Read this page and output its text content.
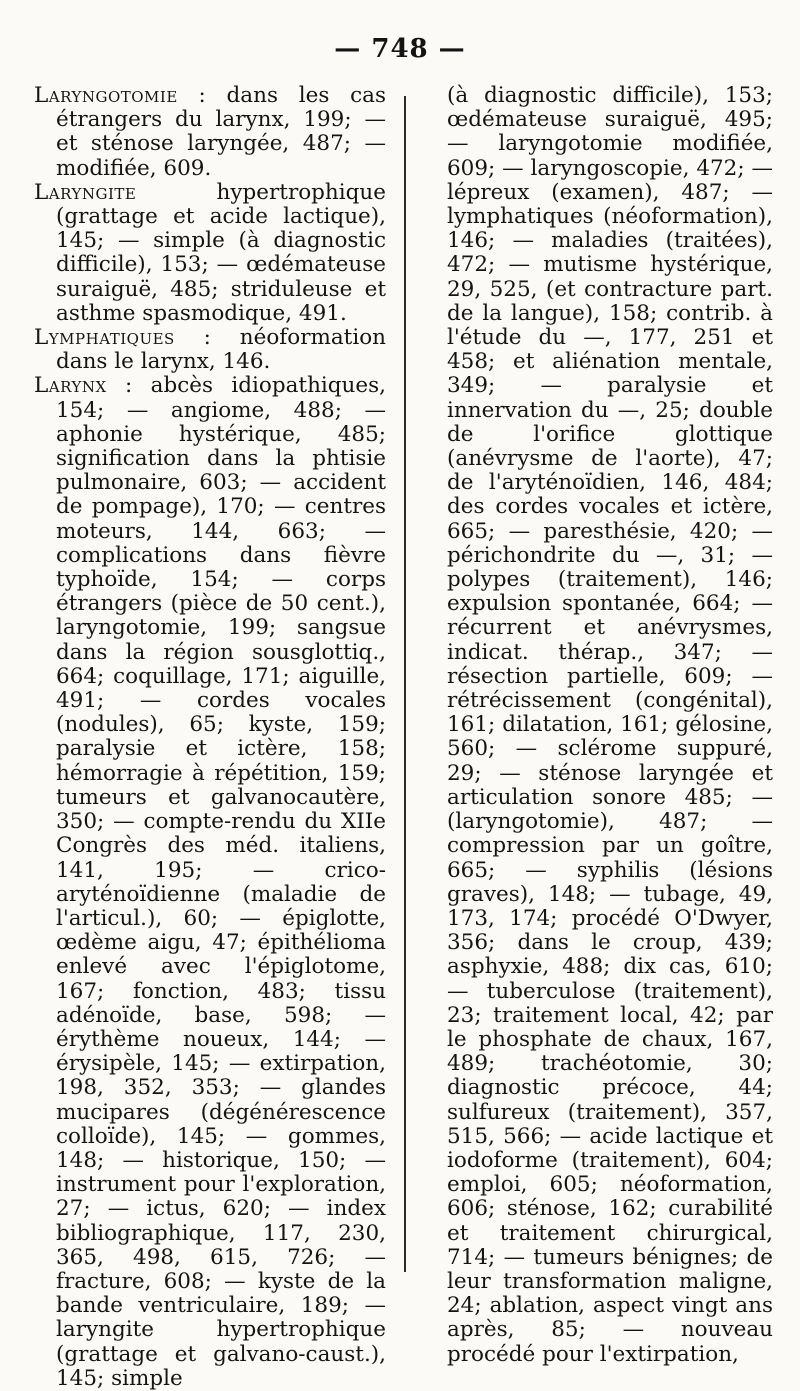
— 748 —

Laryngotomie : dans les cas étrangers du larynx, 199; — et sténose laryngée, 487; — modifiée, 609.

Laryngite hypertrophique (grattage et acide lactique), 145; — simple (à diagnostic difficile), 153; — œdémateuse suraiguë, 485; striduleuse et asthme spasmodique, 491.

Lymphatiques : néoformation dans le larynx, 146.

Larynx : abcès idiopathiques, 154; — angiome, 488; — aphonie hystérique, 485; signification dans la phtisie pulmonaire, 603; — accident de pompage), 170; — centres moteurs, 144, 663; — complications dans fièvre typhoïde, 154; — corps étrangers (pièce de 50 cent.), laryngotomie, 199; sangsue dans la région sousglottiq., 664; coquillage, 171; aiguille, 491; — cordes vocales (nodules), 65; kyste, 159; paralysie et ictère, 158; hémorragie à répétition, 159; tumeurs et galvanocautère, 350; — compte-rendu du XIIe Congrès des méd. italiens, 141, 195; — crico-aryténoïdienne (maladie de l'articul.), 60; — épiglotte, œdème aigu, 47; épithélioma enlevé avec l'épiglotome, 167; fonction, 483; tissu adénoïde, base, 598; — érythème noueux, 144; — érysipèle, 145; — extirpation, 198, 352, 353; — glandes mucipares (dégénérescence colloïde), 145; — gommes, 148; — historique, 150; — instrument pour l'exploration, 27; — ictus, 620; — index bibliographique, 117, 230, 365, 498, 615, 726; — fracture, 608; — kyste de la bande ventriculaire, 189; — laryngite hypertrophique (grattage et galvano-caust.), 145; simple

(à diagnostic difficile), 153; œdémateuse suraiguë, 495; — laryngotomie modifiée, 609; — laryngoscopie, 472; — lépreux (examen), 487; — lymphatiques (néoformation), 146; — maladies (traitées), 472; — mutisme hystérique, 29, 525, (et contracture part. de la langue), 158; contrib. à l'étude du —, 177, 251 et 458; et aliénation mentale, 349; — paralysie et innervation du —, 25; double de l'orifice glottique (anévrysme de l'aorte), 47; de l'aryténoïdien, 146, 484; des cordes vocales et ictère, 665; — paresthésie, 420; — périchondrite du —, 31; — polypes (traitement), 146; expulsion spontanée, 664; — récurrent et anévrysmes, indicat. thérap., 347; — résection partielle, 609; — rétrécissement (congénital), 161; dilatation, 161; gélosine, 560; — sclérome suppuré, 29; — sténose laryngée et articulation sonore 485; — (laryngotomie), 487; — compression par un goître, 665; — syphilis (lésions graves), 148; — tubage, 49, 173, 174; procédé O'Dwyer, 356; dans le croup, 439; asphyxie, 488; dix cas, 610; — tuberculose (traitement), 23; traitement local, 42; par le phosphate de chaux, 167, 489; trachéotomie, 30; diagnostic précoce, 44; sulfureux (traitement), 357, 515, 566; — acide lactique et iodoforme (traitement), 604; emploi, 605; néoformation, 606; sténose, 162; curabilité et traitement chirurgical, 714; — tumeurs bénignes; de leur transformation maligne, 24; ablation, aspect vingt ans après, 85; — nouveau procédé pour l'extirpation,
